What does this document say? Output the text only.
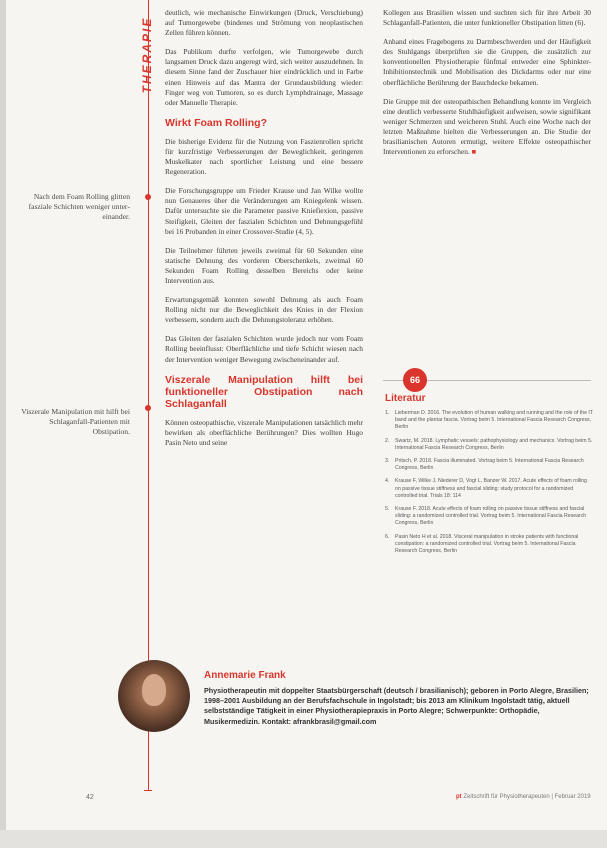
THERAPIE
Nach dem Foam Rolling glitten faszialе Schichten weniger untereinander.
Viszerale Manipulation mit hilft bei Schlaganfall-Patienten mit Obstipation.

deutlich, wie mechanische Einwirkungen (Druck, Verschiebung) auf Tumorgewebe (bindenes und Strömung von neoplastischen Zellen führen können.

Das Publikum durfte verfolgen, wie Tumorgewebe durch langsamen Druck dazu angeregt wird, sich weiter auszudehnen. In diesem Sinne fand der Zuschauer hier eindrücklich und in Farbe einen Hinweis auf das Mantra der Grundausbildung wieder: Finger weg von Tumoren, so es durch Lymphdrainage, Massage oder Manuelle Therapie.

Wirkt Foam Rolling?

Die bisherige Evidenz für die Nutzung von Faszienrollen spricht für kurzfristige Verbesserungen der Beweglichkeit, geringeren Muskelkater nach sportlicher Leistung und eine bessere Regeneration.

Die Forschungsgruppe um Frieder Krause und Jan Wilke wollte nun Genaueres über die Veränderungen am Kniegelenk wissen. Dafür untersuchte sie die Parameter passive Kniefiexion, passive Steifigkeit, Gleiten der faszialen Schichten und Dehnungsgefühl bei 16 Probanden in einer Crossover-Studie (4, 5).

Die Teilnehmer führten jeweils zweimal für 60 Sekunden eine statische Dehnung des vorderen Oberschenkels, zweimal 60 Sekunden Foam Rolling desselben Bereichs oder keine Intervention aus.

Erwartungsgemäß konnten sowohl Dehnung als auch Foam Rolling nicht nur die Beweglichkeit des Knies in der Flexion verbessern, sondern auch die Dehnungstoleranz erhöhen.

Das Gleiten der faszialen Schichten wurde jedoch nur vom Foam Rolling beeinflusst: Oberflächliche und tiefe Schicht wiesen nach der Intervention weniger Bewegung zwischeneinander auf.

Viszerale Manipulation hilft bei funktioneller Obstipation nach Schlaganfall

Können osteopathische, viszerale Manipulationen tatsächlich mehr bewirken als oberflächliche Berührungen? Dies wollten Hugo Pasin Neto und seine

Kollegen aus Brasilien wissen und suchten sich für ihre Arbeit 30 Schlaganfall-Patienten, die unter funktioneller Obstipation litten (6).

Anhand eines Fragebogens zu Darmbeschwerden und der Häufigkeit des Stuhlgangs überprüften sie die Gruppen, die zusätzlich zur konventionellen Physiotherapie fünfmal entweder eine Sphinkter-Inhibitionstechnik und Mobilisation des Dickdarms oder nur eine oberflächliche Berührung der Bauchdecke bekamen.

Die Gruppe mit der osteopathischen Behandlung konnte im Vergleich eine deutlich verbesserte Stuhlhäufigkeit aufweisen, sowie signifikant weniger Schmerzen und weicheren Stuhl. Auch eine Woche nach der letzten Maßnahme hielten die Verbesserungen an. Die Studie der brasilianischen Autoren ermutigt, weitere Effekte osteopathischer Interventionen zu erforschen. ■

66
Literatur
1. Lieberman D. 2016. The evolution of human walking and running and the role of the IT band and the plantar fascia. Vortrag beim 5. International Fascia Research Congress, Berlin
2. Swartz, M. 2018. Lymphatic vessels: pathophysiology and mechanics. Vortrag beim 5. International Fascia Research Congress, Berlin
3. Pritsch, P. 2018. Fascia illuminated. Vortrag beim 5. International Fascia Research Congress, Berlin
4. Krause F, Wilke J, Niederer D, Vogt L, Banzer W. 2017. Acute effects of foam rolling on passive tissue stiffness and fascial sliding: study protocol for a randomized controlled trial. Trials 18: 114
5. Krause F. 2018. Acute effects of foam rolling on passive tissue stiffness and fascial sliding: a randomized controlled trial. Vortrag beim 5. International Fascia Research Congress, Berlin
6. Pasin Neto H et al. 2018. Visceral manipulation in stroke patients with functional constipation: a randomized controlled trial. Vortrag beim 5. International Fascia Research Congress, Berlin
Annemarie Frank
Physiotherapeutin mit doppelter Staatsbürgerschaft (deutsch / brasilianisch); geboren in Porto Alegre, Brasilien; 1998–2001 Ausbildung an der Berufsfachschule in Ingolstadt; bis 2013 am Klinikum Ingolstadt tätig, aktuell selbstständige Tätigkeit in einer Physiotherapiepraxis in Porto Alegre; Schwerpunkte: Orthopädie, Musikermedizin. Kontakt: afrankbrasil@gmail.com
42	pt Zeitschrift für Physiotherapeuten | Februar 2019
